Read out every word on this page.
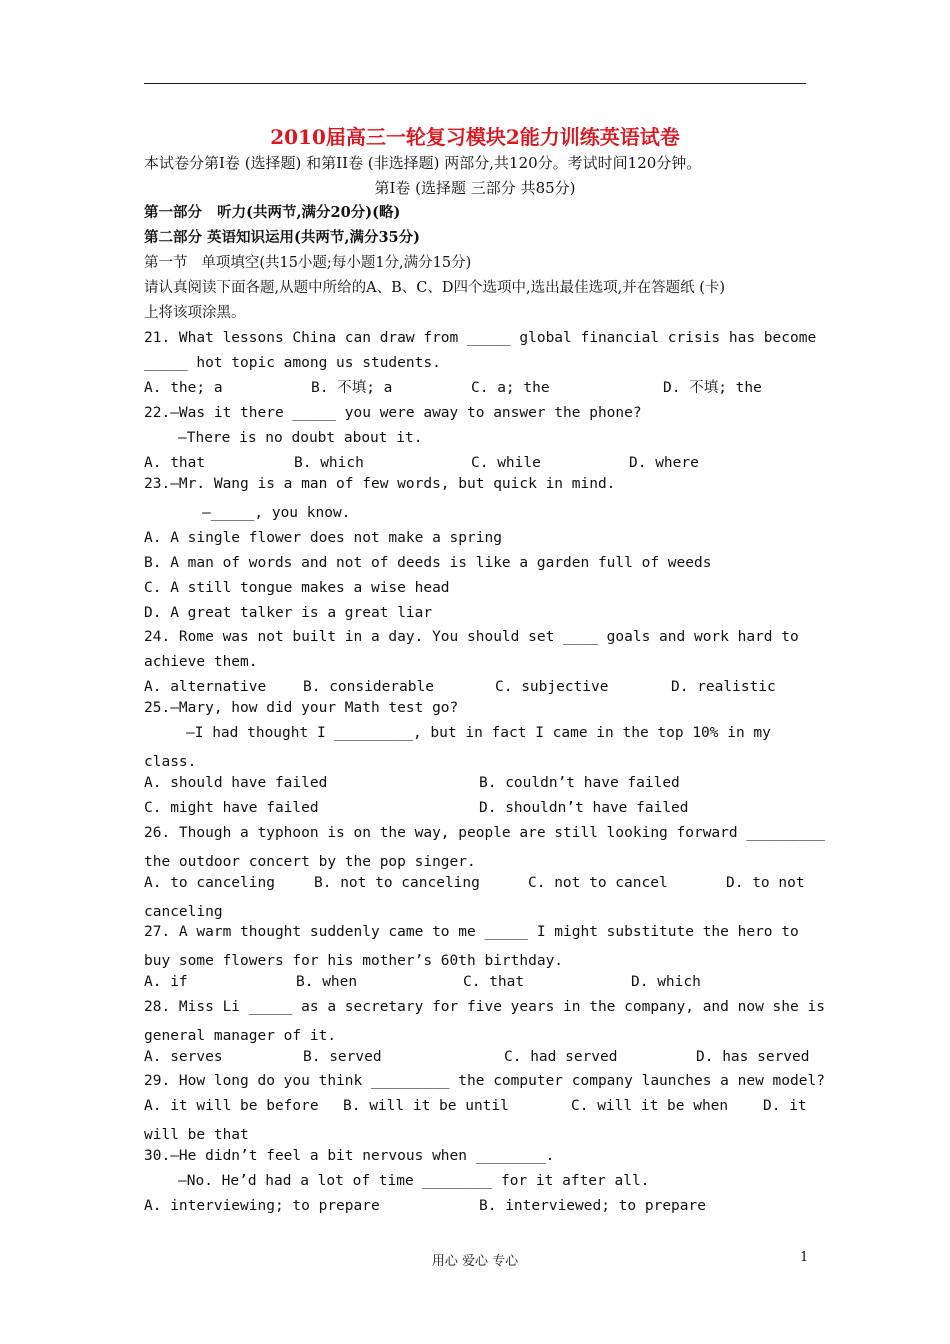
2010届高三一轮复习模块2能力训练英语试卷
本试卷分第I卷 (选择题) 和第II卷 (非选择题) 两部分,共120分。考试时间120分钟。
第I卷 (选择题 三部分 共85分)
第一部分   听力(共两节,满分20分)(略)
第二部分 英语知识运用(共两节,满分35分)
第一节   单项填空(共15小题;每小题1分,满分15分)
请认真阅读下面各题,从题中所给的A、B、C、D四个选项中,选出最佳选项,并在答题纸 (卡)
上将该项涂黑。
21. What lessons China can draw from _____ global financial crisis has become
_____ hot topic among us students.
A. the; a	B. 不填; a	C. a; the	D. 不填; the
22.—Was it there _____ you were away to answer the phone?
—There is no doubt about it.
A. that	B. which	C. while	D. where
23.—Mr. Wang is a man of few words, but quick in mind.
—_____, you know.
A. A single flower does not make a spring
B. A man of words and not of deeds is like a garden full of weeds
C. A still tongue makes a wise head
D. A great talker is a great liar
24. Rome was not built in a day. You should set ____ goals and work hard to
achieve them.
A. alternative	B. considerable	C. subjective	D. realistic
25.—Mary, how did your Math test go?
—I had thought I _________, but in fact I came in the top 10% in my
class.
A. should have failed	B. couldn’t have failed
C. might have failed	D. shouldn’t have failed
26. Though a typhoon is on the way, people are still looking forward _________
the outdoor concert by the pop singer.
A. to canceling	B. not to canceling	C. not to cancel	D. to not
canceling
27. A warm thought suddenly came to me _____ I might substitute the hero to
buy some flowers for his mother’s 60th birthday.
A. if	B. when	C. that	D. which
28. Miss Li _____ as a secretary for five years in the company, and now she is
general manager of it.
A. serves	B. served	C. had served	D. has served
29. How long do you think _________ the computer company launches a new model?
A. it will be before B. will it be until	C. will it be when D. it
will be that
30.—He didn’t feel a bit nervous when ________.
—No. He’d had a lot of time ________ for it after all.
A. interviewing; to prepare	B. interviewed; to prepare
用心 爱心 专心	1
